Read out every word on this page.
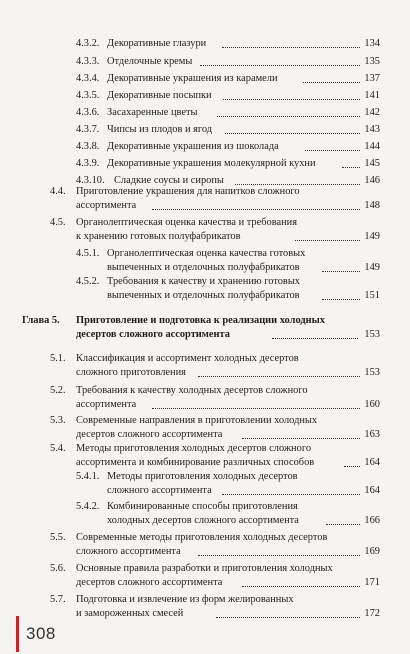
4.3.2. Декоративные глазури	134
4.3.3. Отделочные кремы	135
4.3.4. Декоративные украшения из карамели	137
4.3.5. Декоративные посыпки	141
4.3.6. Засахаренные цветы	142
4.3.7. Чипсы из плодов и ягод	143
4.3.8. Декоративные украшения из шоколада	144
4.3.9. Декоративные украшения молекулярной кухни	145
4.3.10. Сладкие соусы и сиропы	146
4.4. Приготовление украшения для напитков сложного
ассортимента	148
4.5. Органолептическая оценка качества и требования
к хранению готовых полуфабрикатов	149
4.5.1. Органолептическая оценка качества готовых
выпеченных и отделочных полуфабрикатов	149
4.5.2. Требования к качеству и хранению готовых
выпеченных и отделочных полуфабрикатов	151
Глава 5. Приготовление и подготовка к реализации холодных
десертов сложного ассортимента	153
5.1. Классификация и ассортимент холодных десертов
сложного приготовления	153
5.2. Требования к качеству холодных десертов сложного
ассортимента	160
5.3. Современные направления в приготовлении холодных
десертов сложного ассортимента	163
5.4. Методы приготовления холодных десертов сложного
ассортимента и комбинирование различных способов	164
5.4.1. Методы приготовления холодных десертов
сложного ассортимента	164
5.4.2. Комбинированные способы приготовления
холодных десертов сложного ассортимента	166
5.5. Современные методы приготовления холодных десертов
сложного ассортимента	169
5.6. Основные правила разработки и приготовления холодных
десертов сложного ассортимента	171
5.7. Подготовка и извлечение из форм желированных
и замороженных смесей	172
308
